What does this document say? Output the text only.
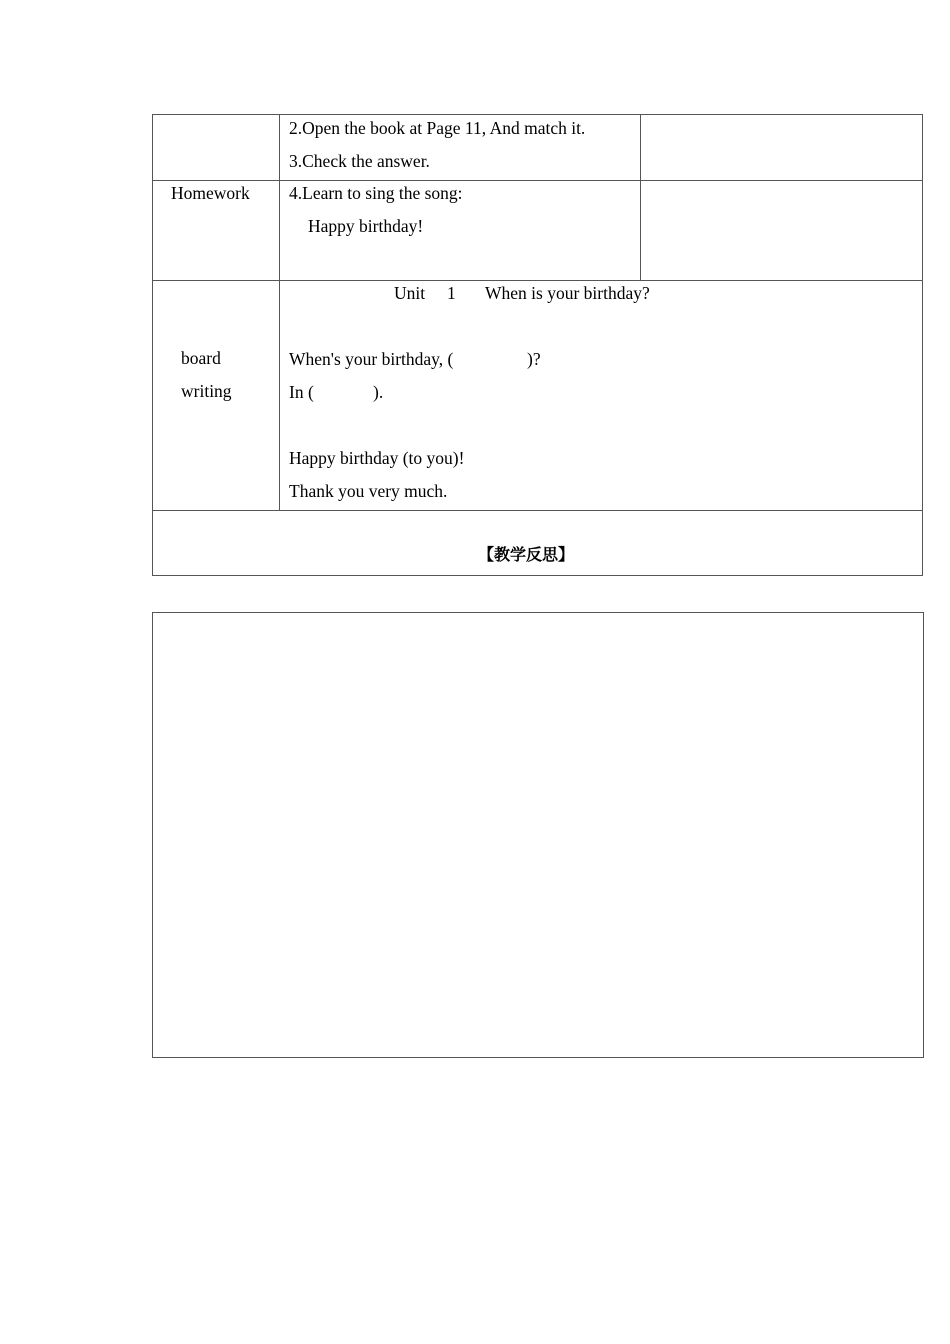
2.Open the book at Page 11, And match it.
3.Check the answer.
Homework 4.Learn to sing the song:
Happy birthday!
board
writing
Unit 1 When is your birthday?
When's your birthday, (	)?
In (	).
Happy birthday (to you)!
Thank you very much.
【教学反思】
